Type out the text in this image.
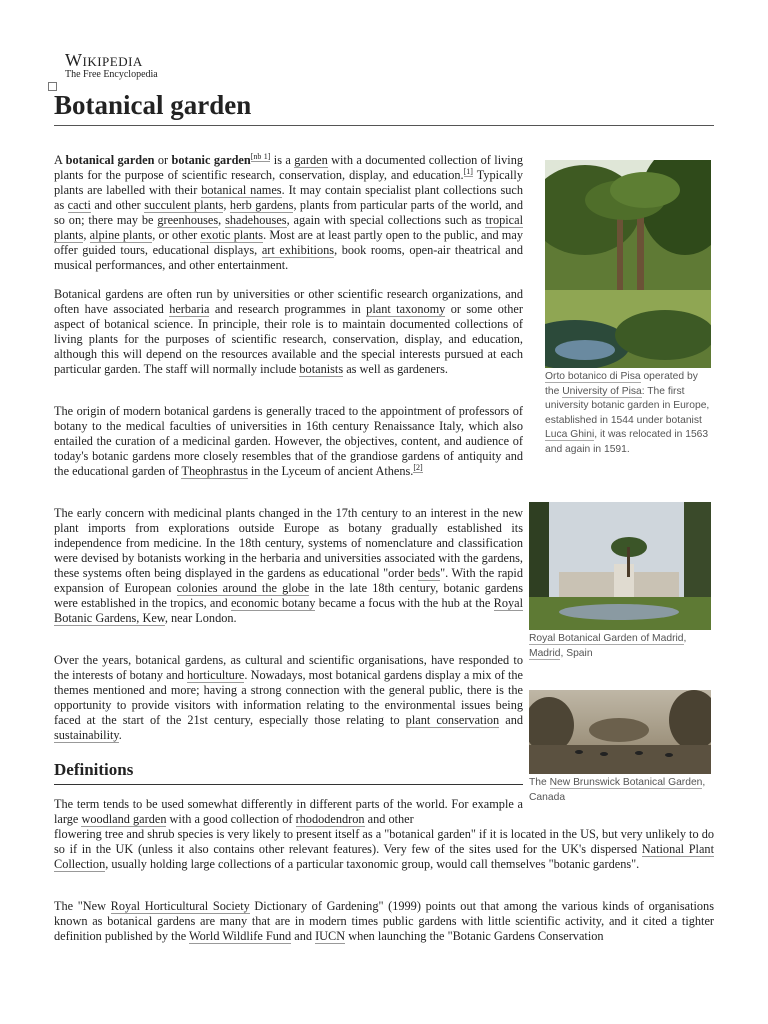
Wikipedia
The Free Encyclopedia
Botanical garden

A botanical garden or botanic garden[nb 1] is a garden with a documented collection of living plants for the purpose of scientific research, conservation, display, and education.[1] Typically plants are labelled with their botanical names. It may contain specialist plant collections such as cacti and other succulent plants, herb gardens, plants from particular parts of the world, and so on; there may be greenhouses, shadehouses, again with special collections such as tropical plants, alpine plants, or other exotic plants. Most are at least partly open to the public, and may offer guided tours, educational displays, art exhibitions, book rooms, open-air theatrical and musical performances, and other entertainment.

Botanical gardens are often run by universities or other scientific research organizations, and often have associated herbaria and research programmes in plant taxonomy or some other aspect of botanical science. In principle, their role is to maintain documented collections of living plants for the purposes of scientific research, conservation, display, and education, although this will depend on the resources available and the special interests pursued at each particular garden. The staff will normally include botanists as well as gardeners.

The origin of modern botanical gardens is generally traced to the appointment of professors of botany to the medical faculties of universities in 16th century Renaissance Italy, which also entailed the curation of a medicinal garden. However, the objectives, content, and audience of today's botanic gardens more closely resembles that of the grandiose gardens of antiquity and the educational garden of Theophrastus in the Lyceum of ancient Athens.[2]

The early concern with medicinal plants changed in the 17th century to an interest in the new plant imports from explorations outside Europe as botany gradually established its independence from medicine. In the 18th century, systems of nomenclature and classification were devised by botanists working in the herbaria and universities associated with the gardens, these systems often being displayed in the gardens as educational "order beds". With the rapid expansion of European colonies around the globe in the late 18th century, botanic gardens were established in the tropics, and economic botany became a focus with the hub at the Royal Botanic Gardens, Kew, near London.

Over the years, botanical gardens, as cultural and scientific organisations, have responded to the interests of botany and horticulture. Nowadays, most botanical gardens display a mix of the themes mentioned and more; having a strong connection with the general public, there is the opportunity to provide visitors with information relating to the environmental issues being faced at the start of the 21st century, especially those relating to plant conservation and sustainability.

Definitions

The term tends to be used somewhat differently in different parts of the world. For example a large woodland garden with a good collection of rhododendron and other

flowering tree and shrub species is very likely to present itself as a "botanical garden" if it is located in the US, but very unlikely to do so if in the UK (unless it also contains other relevant features). Very few of the sites used for the UK's dispersed National Plant Collection, usually holding large collections of a particular taxonomic group, would call themselves "botanic gardens".

The "New Royal Horticultural Society Dictionary of Gardening" (1999) points out that among the various kinds of organisations known as botanical gardens are many that are in modern times public gardens with little scientific activity, and it cited a tighter definition published by the World Wildlife Fund and IUCN when launching the "Botanic Gardens Conservation

Orto botanico di Pisa operated by the University of Pisa: The first university botanic garden in Europe, established in 1544 under botanist Luca Ghini, it was relocated in 1563 and again in 1591.
Royal Botanical Garden of Madrid, Madrid, Spain
The New Brunswick Botanical Garden, Canada
